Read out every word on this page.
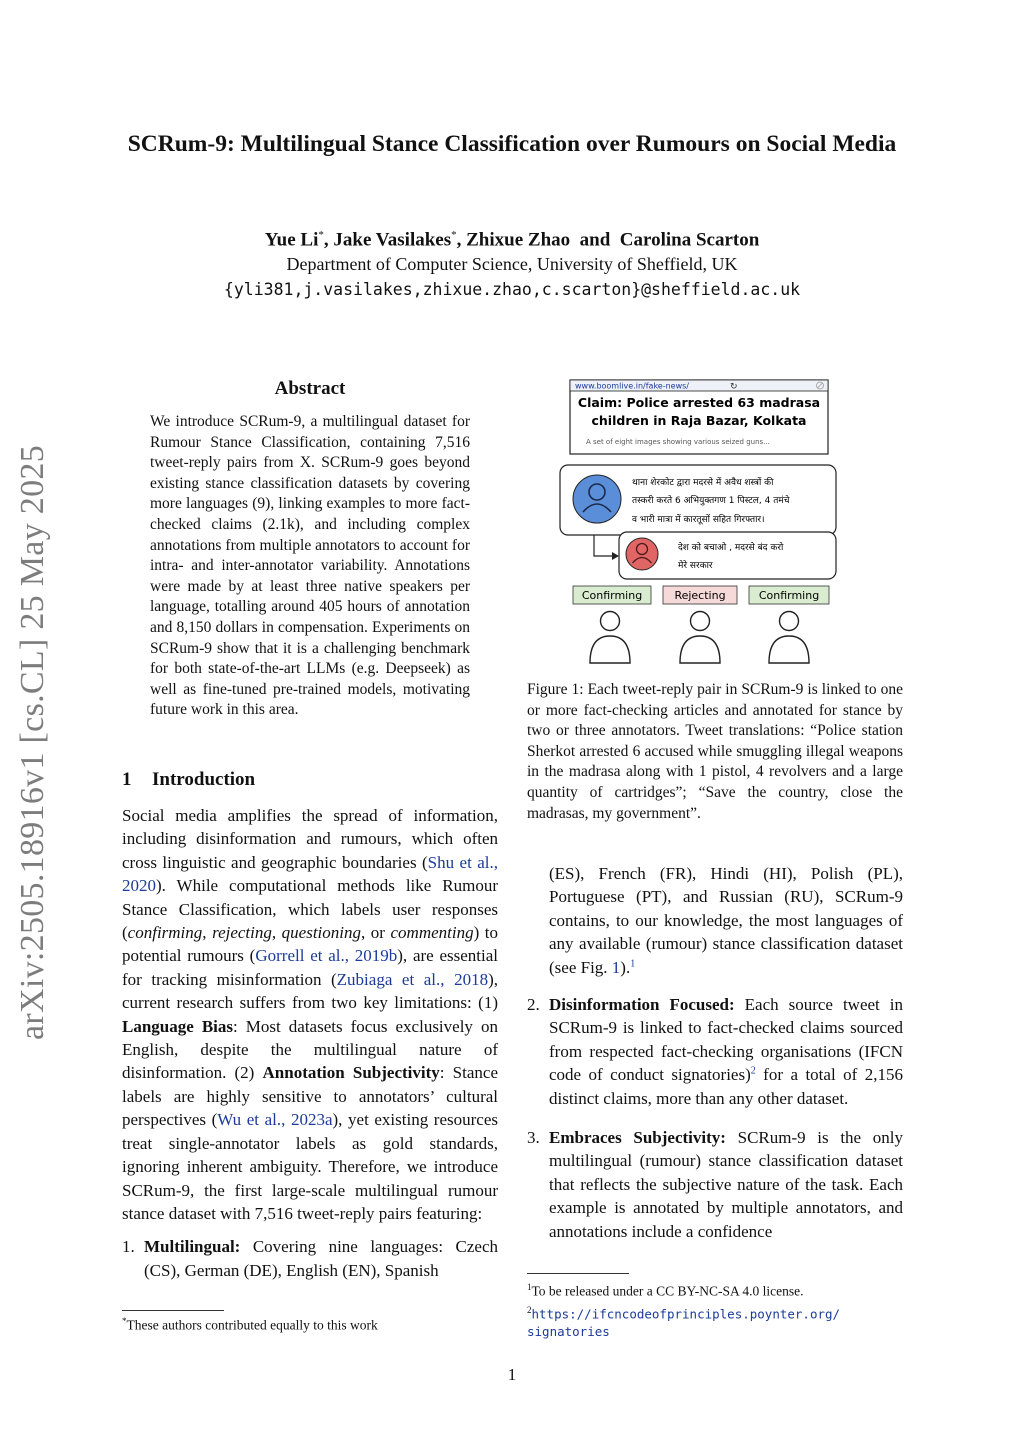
arXiv:2505.18916v1 [cs.CL] 25 May 2025
SCRum-9: Multilingual Stance Classification over Rumours on Social Media
Yue Li*, Jake Vasilakes*, Zhixue Zhao and Carolina Scarton
Department of Computer Science, University of Sheffield, UK
{yli381,j.vasilakes,zhixue.zhao,c.scarton}@sheffield.ac.uk
Abstract
We introduce SCRum-9, a multilingual dataset for Rumour Stance Classification, containing 7,516 tweet-reply pairs from X. SCRum-9 goes beyond existing stance classification datasets by covering more languages (9), linking examples to more fact-checked claims (2.1k), and including complex annotations from multiple annotators to account for intra- and inter-annotator variability. Annotations were made by at least three native speakers per language, totalling around 405 hours of annotation and 8,150 dollars in compensation. Experiments on SCRum-9 show that it is a challenging benchmark for both state-of-the-art LLMs (e.g. Deepseek) as well as fine-tuned pre-trained models, motivating future work in this area.
1 Introduction

Social media amplifies the spread of information, including disinformation and rumours, which often cross linguistic and geographic boundaries (Shu et al., 2020). While computational methods like Rumour Stance Classification, which labels user responses (confirming, rejecting, questioning, or commenting) to potential rumours (Gorrell et al., 2019b), are essential for tracking misinformation (Zubiaga et al., 2018), current research suffers from two key limitations: (1) Language Bias: Most datasets focus exclusively on English, despite the multilingual nature of disinformation. (2) Annotation Subjectivity: Stance labels are highly sensitive to annotators’ cultural perspectives (Wu et al., 2023a), yet existing resources treat single-annotator labels as gold standards, ignoring inherent ambiguity. Therefore, we introduce SCRum-9, the first large-scale multilingual rumour stance dataset with 7,516 tweet-reply pairs featuring:

1. Multilingual: Covering nine languages: Czech (CS), German (DE), English (EN), Spanish
*These authors contributed equally to this work
www.boomlive.in/fake-news/	↻
Claim: Police arrested 63 madrasa
children in Raja Bazar, Kolkata
A set of eight images showing various seized guns...
थाना शेरकोट द्वारा मदरसे में अवैध शस्त्रों की
तस्करी करते 6 अभियुक्तगण 1 पिस्टल, 4 तमंचे
व भारी मात्रा में कारतूसों सहित गिरफ्तार।
देश को बचाओ , मदरसे बंद करो
मेरे सरकार
Confirming	Rejecting	Confirming
Figure 1: Each tweet-reply pair in SCRum-9 is linked to one or more fact-checking articles and annotated for stance by two or three annotators. Tweet translations: “Police station Sherkot arrested 6 accused while smuggling illegal weapons in the madrasa along with 1 pistol, 4 revolvers and a large quantity of cartridges”; “Save the country, close the madrasas, my government”.
(ES), French (FR), Hindi (HI), Polish (PL), Portuguese (PT), and Russian (RU), SCRum-9 contains, to our knowledge, the most languages of any available (rumour) stance classification dataset (see Fig. 1).$^1$
2. Disinformation Focused: Each source tweet in SCRum-9 is linked to fact-checked claims sourced from respected fact-checking organisations (IFCN code of conduct signatories)$^2$ for a total of 2,156 distinct claims, more than any other dataset.
3. Embraces Subjectivity: SCRum-9 is the only multilingual (rumour) stance classification dataset that reflects the subjective nature of the task. Each example is annotated by multiple annotators, and annotations include a confidence
$^1$To be released under a CC BY-NC-SA 4.0 license.
$^2$https://ifcncodeofprinciples.poynter.org/
signatories
1
